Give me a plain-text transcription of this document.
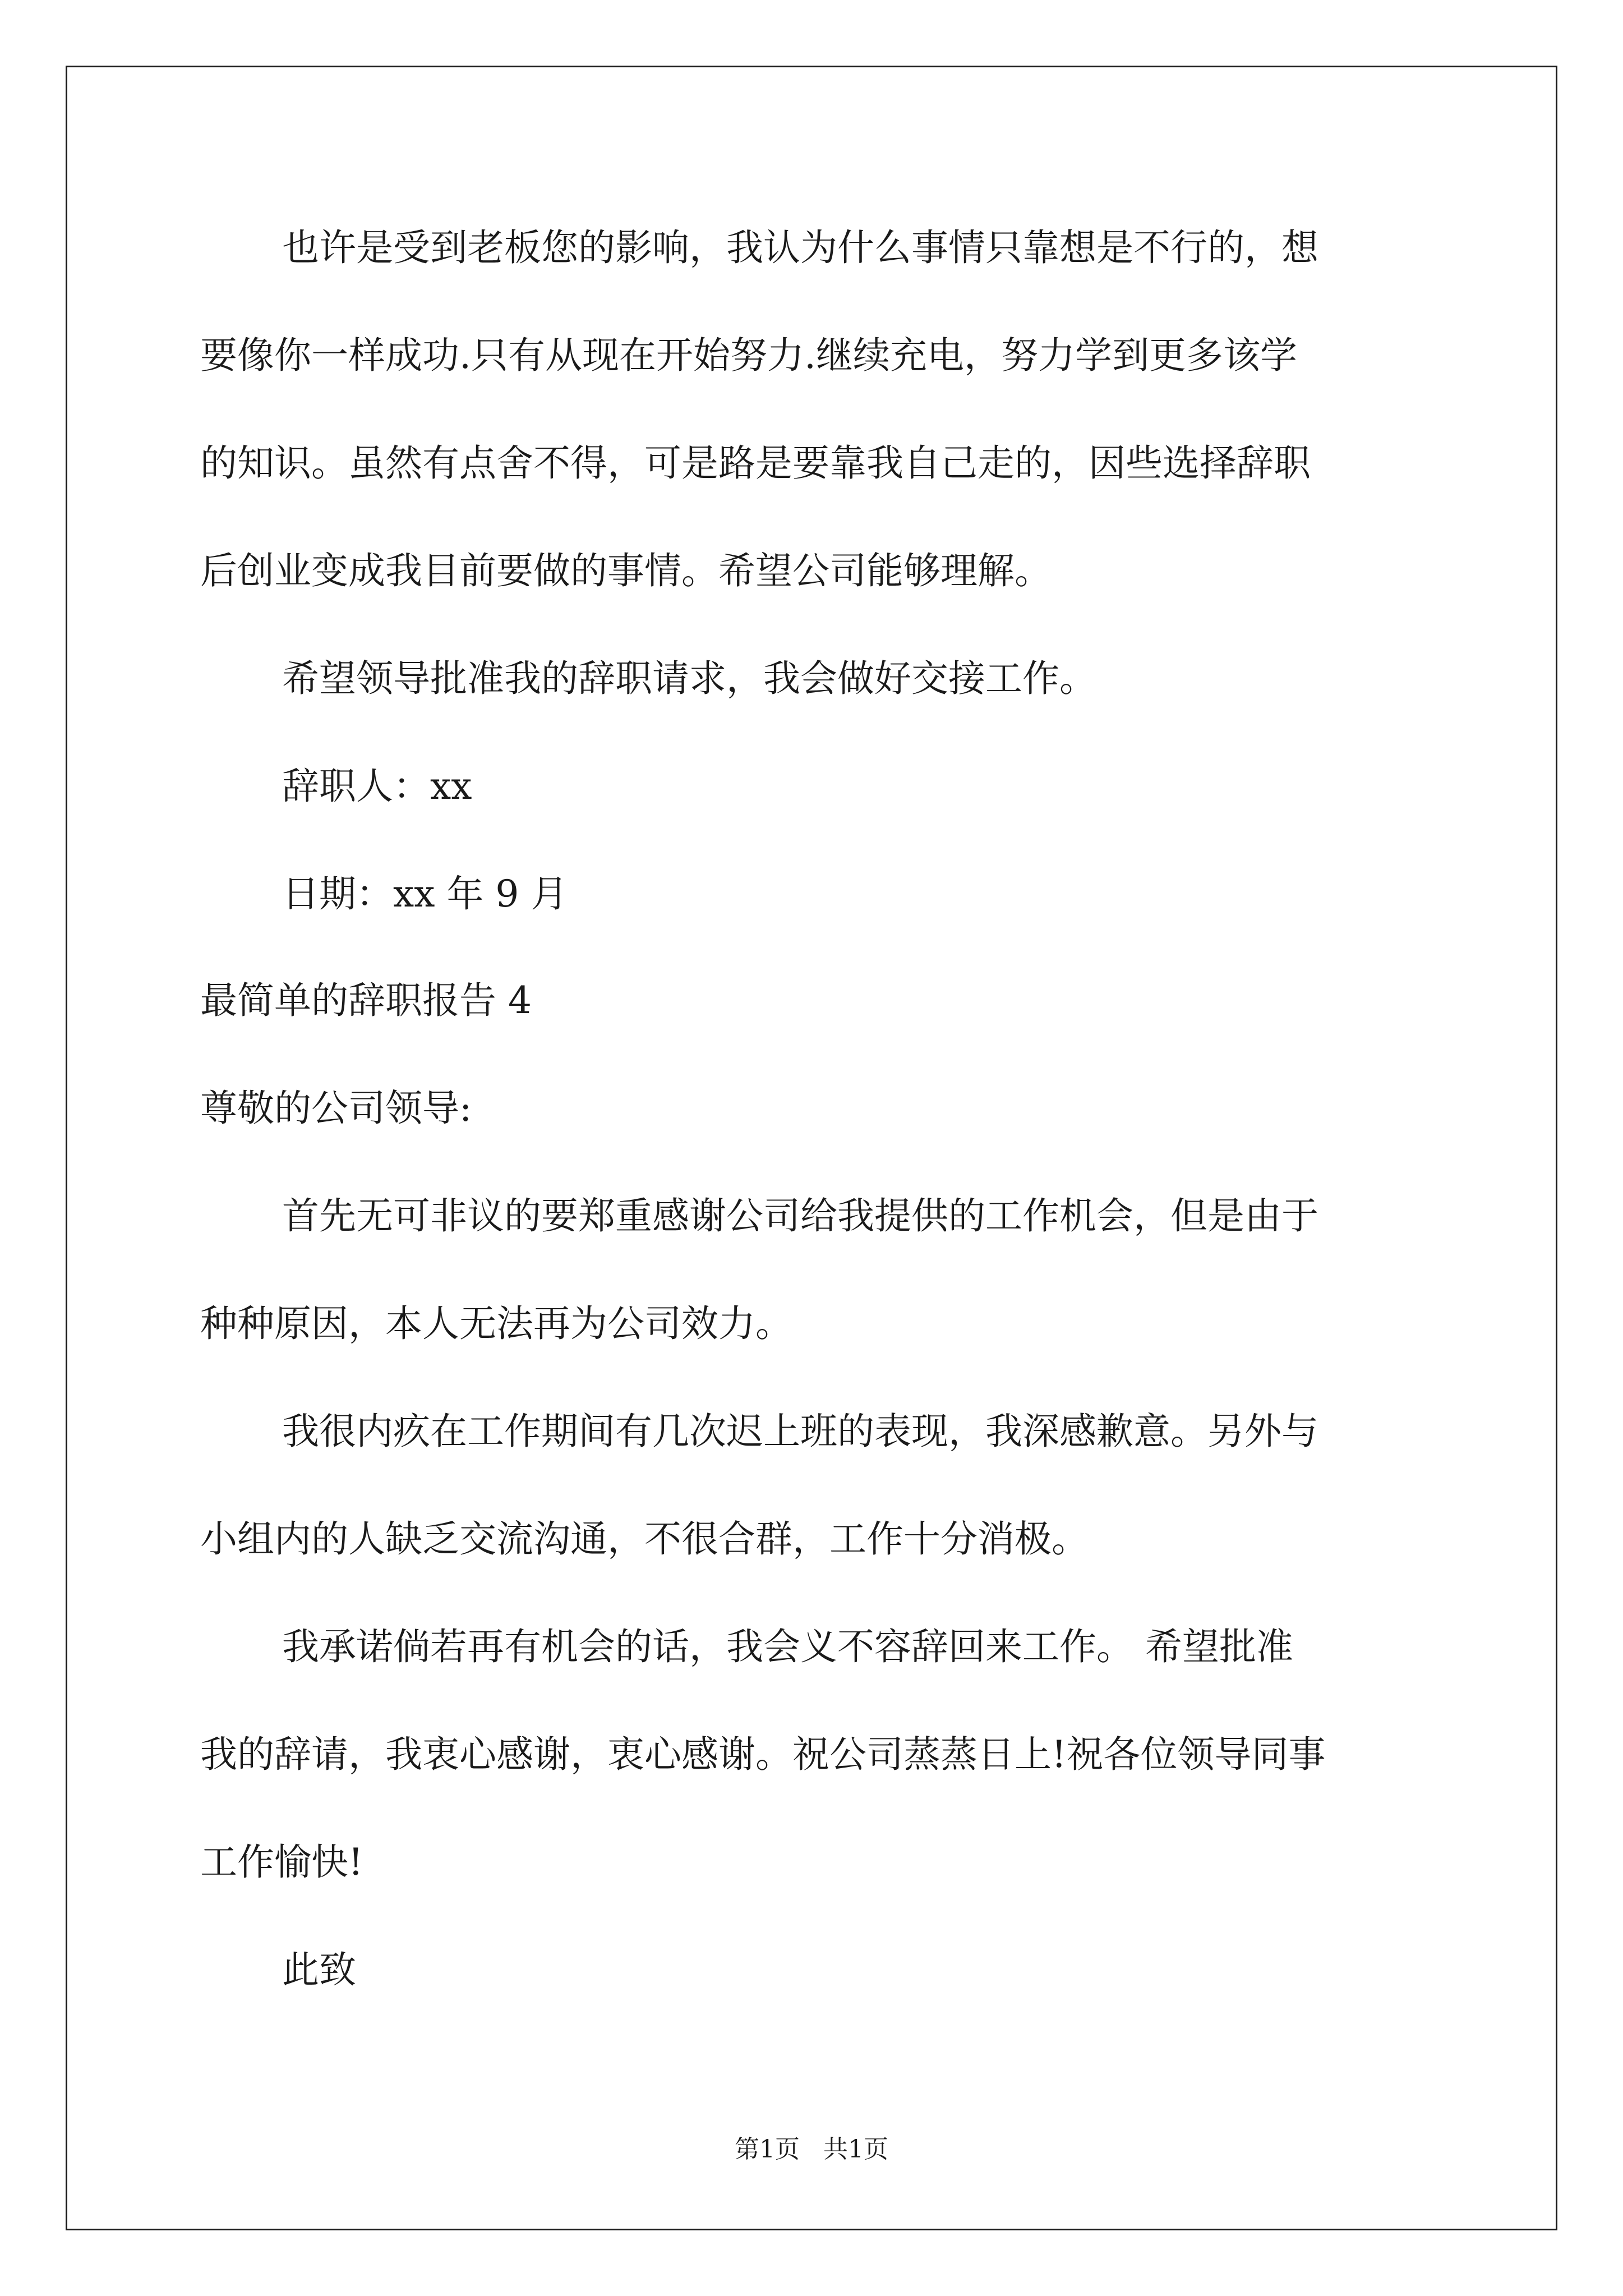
也许是受到老板您的影响，我认为什么事情只靠想是不行的，想
要像你一样成功.只有从现在开始努力.继续充电，努力学到更多该学
的知识。虽然有点舍不得，可是路是要靠我自己走的，因些选择辞职
后创业变成我目前要做的事情。希望公司能够理解。
希望领导批准我的辞职请求，我会做好交接工作。
辞职人：xx
日期：xx 年 9 月
最简单的辞职报告 4
尊敬的公司领导:
首先无可非议的要郑重感谢公司给我提供的工作机会，但是由于
种种原因，本人无法再为公司效力。
我很内疚在工作期间有几次迟上班的表现，我深感歉意。另外与
小组内的人缺乏交流沟通，不很合群，工作十分消极。
我承诺倘若再有机会的话，我会义不容辞回来工作。 希望批准
我的辞请，我衷心感谢，衷心感谢。祝公司蒸蒸日上!祝各位领导同事
工作愉快!
此致
第1页   共1页
